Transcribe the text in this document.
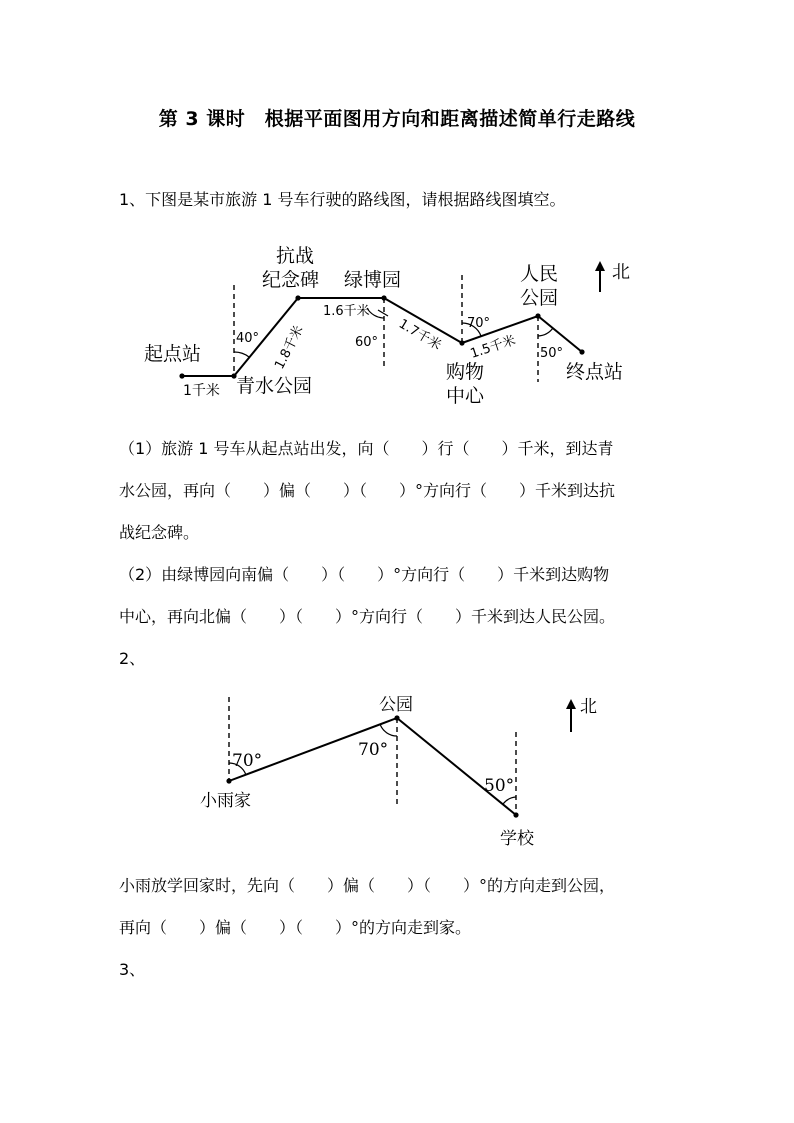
第 3 课时　根据平面图用方向和距离描述简单行走路线
1、下图是某市旅游 1 号车行驶的路线图，请根据路线图填空。
北
起点站
青水公园
抗战
纪念碑 绿博园
购物
中心
人民
公园
终点站
1千米
1.8千米
1.6千米
1.7千米 1.5千米
40°	60°
70°
50°
（1）旅游 1 号车从起点站出发，向（　　）行（　　）千米，到达青
水公园，再向（　　）偏（　　）（　　）°方向行（　　）千米到达抗
战纪念碑。
（2）由绿博园向南偏（　　）（　　）°方向行（　　）千米到达购物
中心，再向北偏（　　）（　　）°方向行（　　）千米到达人民公园。
2、
北
公园
小雨家
学校
70°
70°
50°
小雨放学回家时，先向（　　）偏（　　）（　　）°的方向走到公园，
再向（　　）偏（　　）（　　）°的方向走到家。
3、
